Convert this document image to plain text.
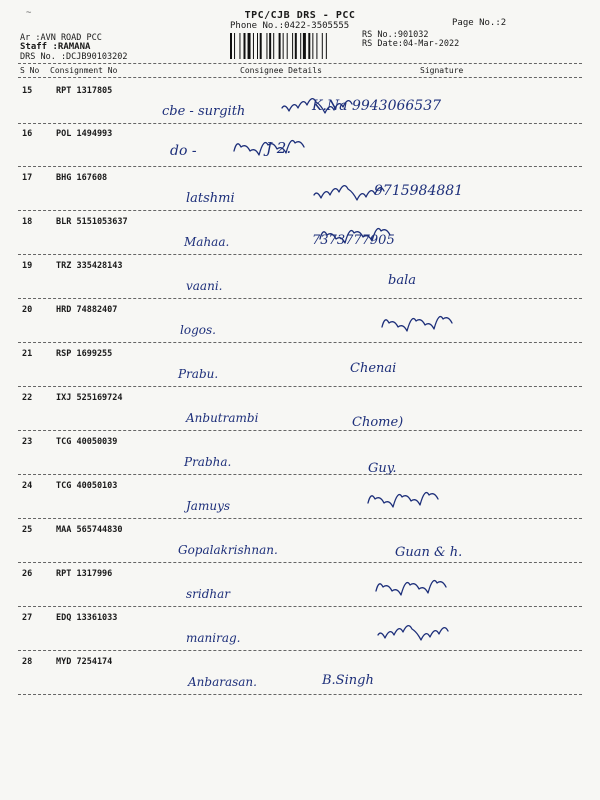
~	TPC/CJB DRS - PCC
Phone No.:0422-3505555	Page No.:2
Ar :AVN ROAD PCC
Staff :RAMANA
DRS No. :DCJB90103202
RS No.:901032
RS Date:04-Mar-2022
S No Consignment No	Consignee Details	Signature
15	RPT 1317805
cbe - surgith	K.Na 9943066537
16	POL 1494993
do -	J 2.
17	BHG 167608
latshmi	9715984881
18	BLR 5151053637
Mahaa.	7373777905
19	TRZ 335428143
vaani.	bala
20	HRD 74882407
logos.
21	RSP 1699255
Prabu.	Chenai
22	IXJ 525169724
Anbutrambi	Chome)
23	TCG 40050039
Prabha.	Guy.
24	TCG 40050103
Jamuys
25	MAA 565744830
Gopalakrishnan.	Guan & h.
26	RPT 1317996
sridhar
27	EDQ 13361033
manirag.
28	MYD 7254174
Anbarasan.	B.Singh
